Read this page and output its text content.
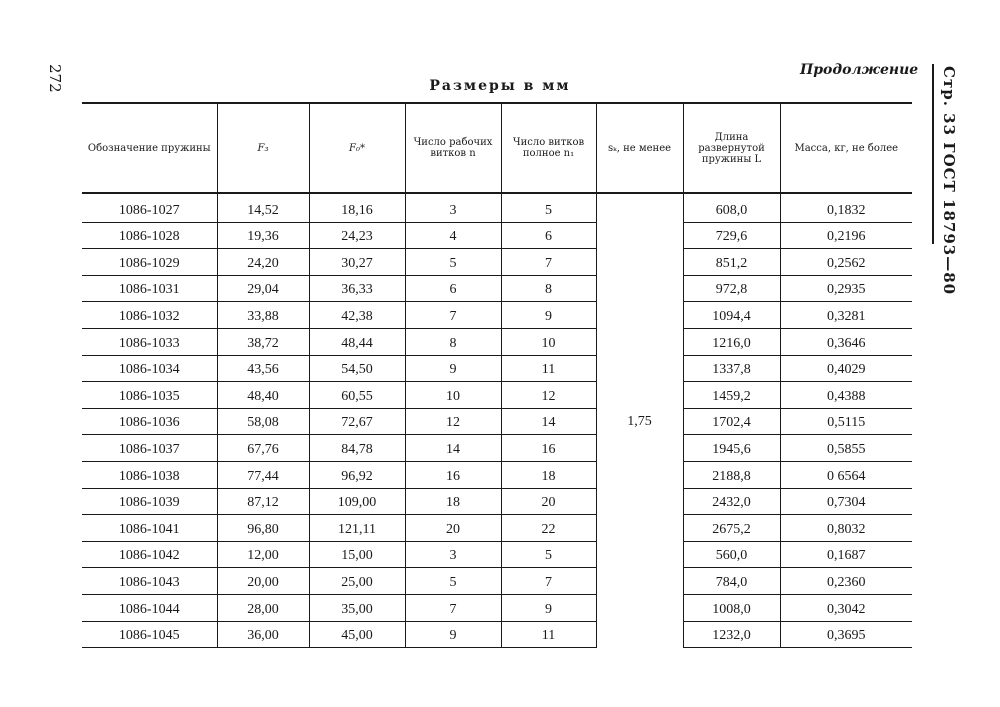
272	Продолжение
Размеры в мм	Стр. 33 ГОСТ 18793—80
Обозначение пружины	F₃	F₀*	Число рабочих витков n	Число витков полное n₁	sₖ, не менее	Длина развернутой пружины L	Масса, кг, не более
1086-1027	14,52	18,16	3	5	1,75	608,0	0,1832
1086-1028	19,36	24,23	4	6		729,6	0,2196
1086-1029	24,20	30,27	5	7		851,2	0,2562
1086-1031	29,04	36,33	6	8		972,8	0,2935
1086-1032	33,88	42,38	7	9		1094,4	0,3281
1086-1033	38,72	48,44	8	10		1216,0	0,3646
1086-1034	43,56	54,50	9	11		1337,8	0,4029
1086-1035	48,40	60,55	10	12		1459,2	0,4388
1086-1036	58,08	72,67	12	14		1702,4	0,5115
1086-1037	67,76	84,78	14	16		1945,6	0,5855
1086-1038	77,44	96,92	16	18		2188,8	0 6564
1086-1039	87,12	109,00	18	20		2432,0	0,7304
1086-1041	96,80	121,11	20	22		2675,2	0,8032
1086-1042	12,00	15,00	3	5		560,0	0,1687
1086-1043	20,00	25,00	5	7		784,0	0,2360
1086-1044	28,00	35,00	7	9		1008,0	0,3042
1086-1045	36,00	45,00	9	11		1232,0	0,3695
